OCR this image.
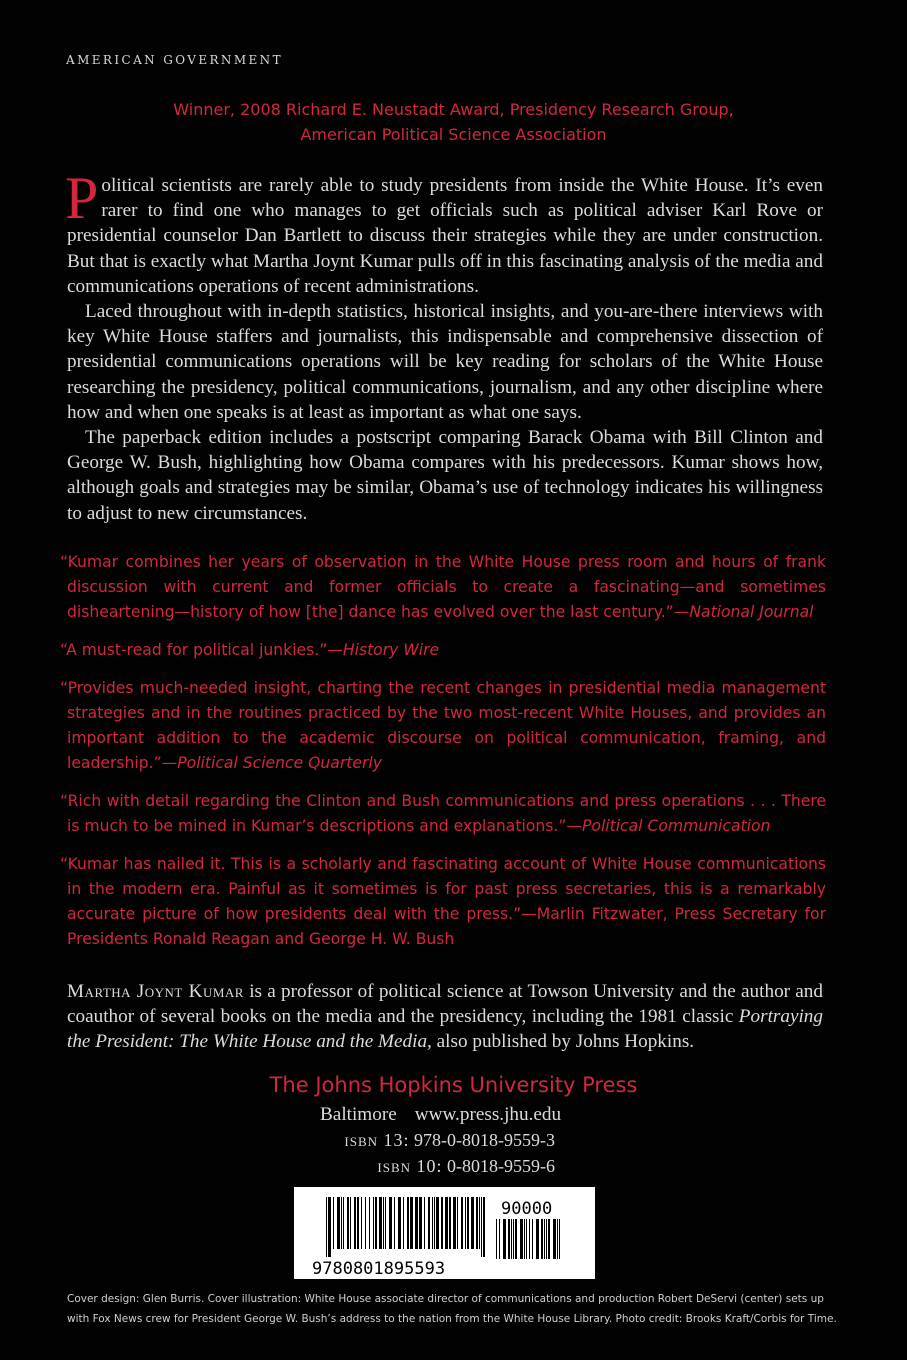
AMERICAN GOVERNMENT
Winner, 2008 Richard E. Neustadt Award, Presidency Research Group,
American Political Science Association

Political scientists are rarely able to study presidents from inside the White House. It’s even rarer to find one who manages to get officials such as political adviser Karl Rove or presidential counselor Dan Bartlett to discuss their strategies while they are under construction. But that is exactly what Martha Joynt Kumar pulls off in this fascinating analysis of the media and communications operations of recent administrations.

Laced throughout with in-depth statistics, historical insights, and you-are-there interviews with key White House staffers and journalists, this indispensable and comprehensive dissection of presidential communications operations will be key reading for scholars of the White House researching the presidency, political communications, journalism, and any other discipline where how and when one speaks is at least as important as what one says.

The paperback edition includes a postscript comparing Barack Obama with Bill Clinton and George W. Bush, highlighting how Obama compares with his predecessors. Kumar shows how, although goals and strategies may be similar, Obama’s use of technology indicates his willingness to adjust to new circumstances.

“Kumar combines her years of observation in the White House press room and hours of frank discussion with current and former officials to create a fascinating—and sometimes disheartening—history of how [the] dance has evolved over the last century.”—National Journal
“A must-read for political junkies.”—History Wire
“Provides much-needed insight, charting the recent changes in presidential media management strategies and in the routines practiced by the two most-recent White Houses, and provides an important addition to the academic discourse on political communication, framing, and leadership.”—Political Science Quarterly
“Rich with detail regarding the Clinton and Bush communications and press operations . . . There is much to be mined in Kumar’s descriptions and explanations.”—Political Communication
“Kumar has nailed it. This is a scholarly and fascinating account of White House communications in the modern era. Painful as it sometimes is for past press secretaries, this is a remarkably accurate picture of how presidents deal with the press.”—Marlin Fitzwater, Press Secretary for Presidents Ronald Reagan and George H. W. Bush
Martha Joynt Kumar is a professor of political science at Towson University and the author and coauthor of several books on the media and the presidency, including the 1981 classic Portraying the President: The White House and the Media, also published by Johns Hopkins.
The Johns Hopkins University Press
Baltimore www.press.jhu.edu
isbn 13: 978-0-8018-9559-3
isbn 10: 0-8018-9559-6
9780801895593
90000
Cover design: Glen Burris. Cover illustration: White House associate director of communications and production Robert DeServi (center) sets up with Fox News crew for President George W. Bush’s address to the nation from the White House Library. Photo credit: Brooks Kraft/Corbis for Time.
